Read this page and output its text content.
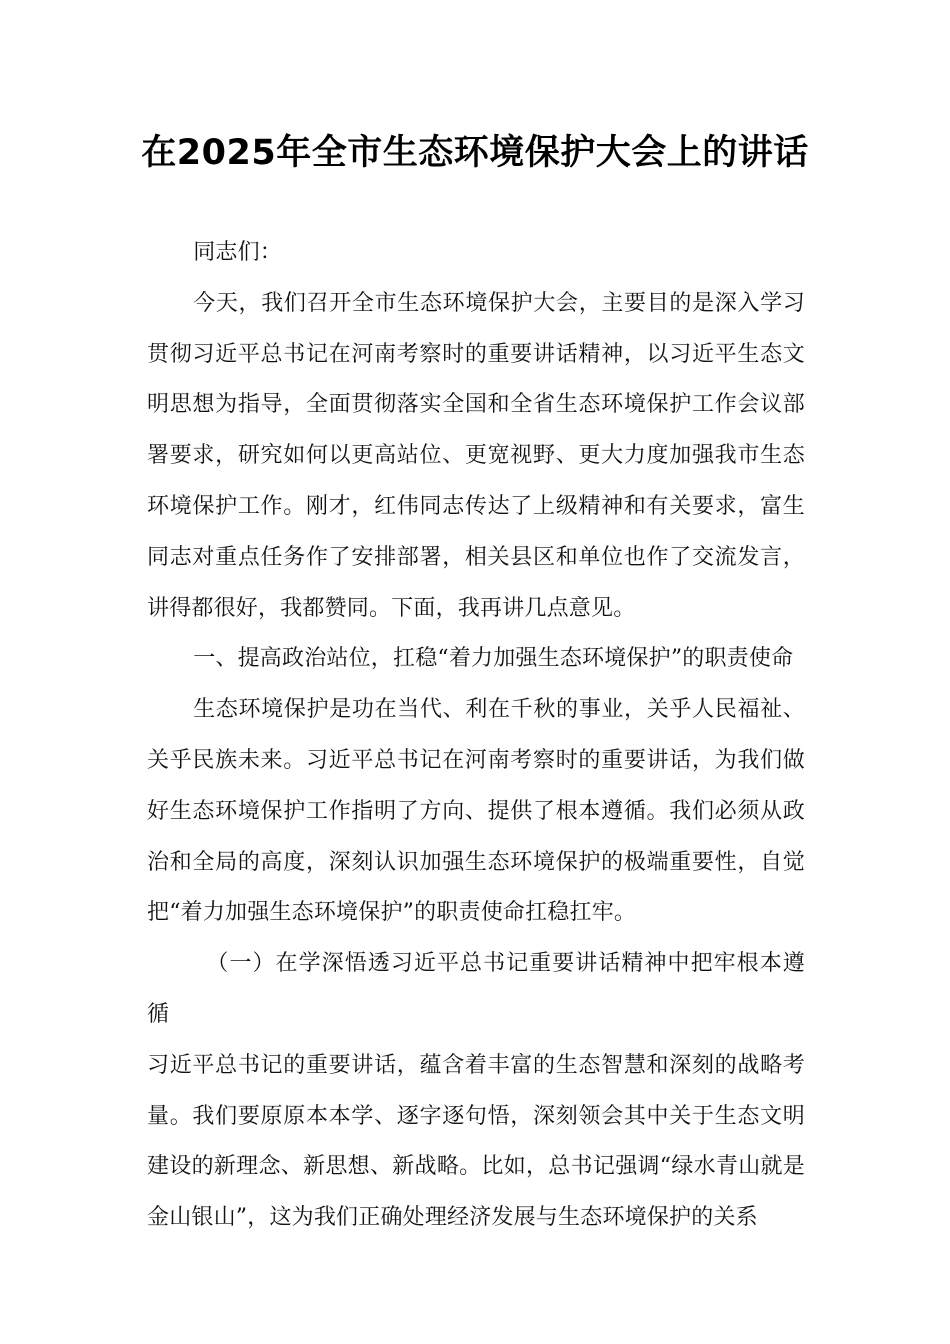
在2025年全市生态环境保护大会上的讲话

同志们：

今天，我们召开全市生态环境保护大会，主要目的是深入学习贯彻习近平总书记在河南考察时的重要讲话精神，以习近平生态文明思想为指导，全面贯彻落实全国和全省生态环境保护工作会议部署要求，研究如何以更高站位、更宽视野、更大力度加强我市生态环境保护工作。刚才，红伟同志传达了上级精神和有关要求，富生同志对重点任务作了安排部署，相关县区和单位也作了交流发言，讲得都很好，我都赞同。下面，我再讲几点意见。

一、提高政治站位，扛稳“着力加强生态环境保护”的职责使命

生态环境保护是功在当代、利在千秋的事业，关乎人民福祉、关乎民族未来。习近平总书记在河南考察时的重要讲话，为我们做好生态环境保护工作指明了方向、提供了根本遵循。我们必须从政治和全局的高度，深刻认识加强生态环境保护的极端重要性，自觉把“着力加强生态环境保护”的职责使命扛稳扛牢。

（一）在学深悟透习近平总书记重要讲话精神中把牢根本遵循

习近平总书记的重要讲话，蕴含着丰富的生态智慧和深刻的战略考量。我们要原原本本学、逐字逐句悟，深刻领会其中关于生态文明建设的新理念、新思想、新战略。比如，总书记强调“绿水青山就是金山银山”，这为我们正确处理经济发展与生态环境保护的关系
